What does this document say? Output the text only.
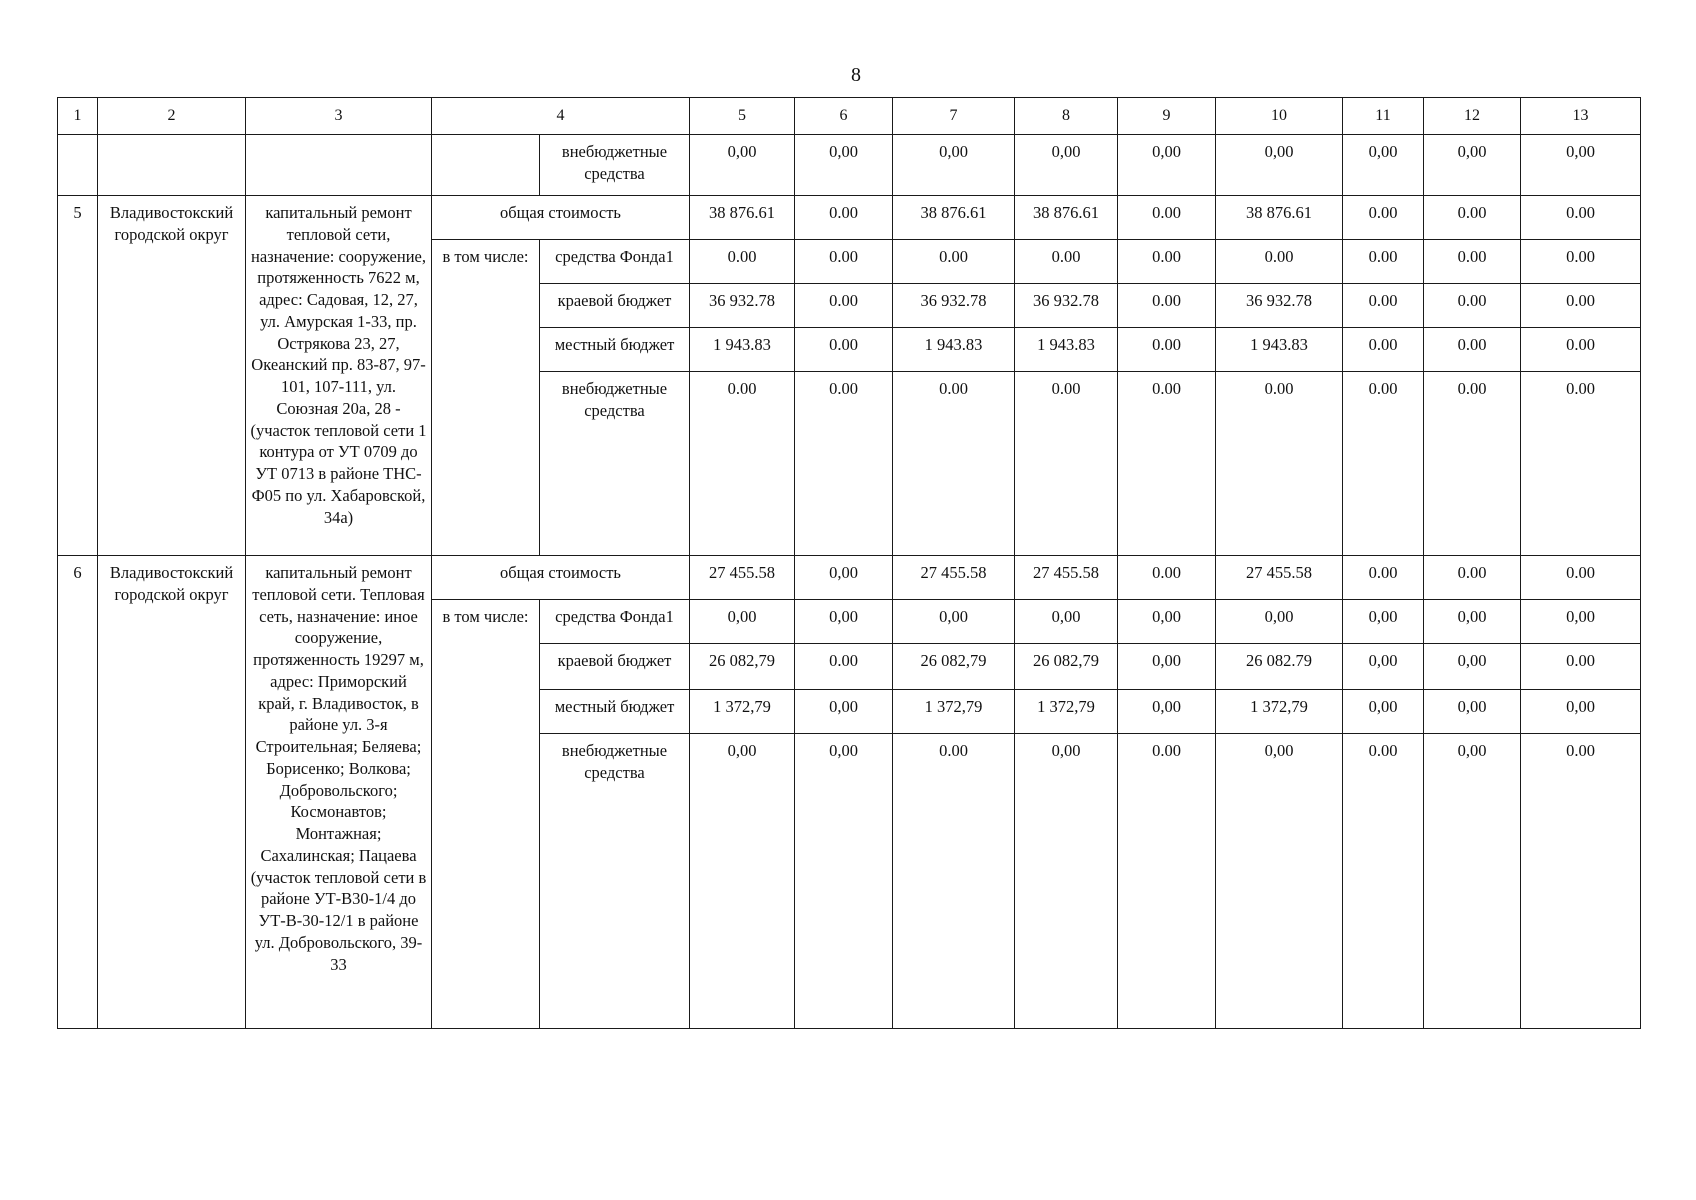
8
1	2	3	4		5	6	7	8	9	10	11	12	13
				внебюджетные средства	0,00	0,00	0,00	0,00	0,00	0,00	0,00	0,00	0,00
5	Владивостокский городской округ	капитальный ремонт тепловой сети, назначение: сооружение, протяженность 7622 м, адрес: Садовая, 12, 27, ул. Амурская 1-33, пр. Острякова 23, 27, Океанский пр. 83-87, 97-101, 107-111, ул. Союзная 20а, 28 - (участок тепловой сети 1 контура от УТ 0709 до УТ 0713 в районе ТНС-Ф05 по ул. Хабаровской, 34а)	общая стоимость		38 876.61	0.00	38 876.61	38 876.61	0.00	38 876.61	0.00	0.00	0.00
			в том числе:	средства Фонда1	0.00	0.00	0.00	0.00	0.00	0.00	0.00	0.00	0.00
				краевой бюджет	36 932.78	0.00	36 932.78	36 932.78	0.00	36 932.78	0.00	0.00	0.00
				местный бюджет	1 943.83	0.00	1 943.83	1 943.83	0.00	1 943.83	0.00	0.00	0.00
				внебюджетные средства	0.00	0.00	0.00	0.00	0.00	0.00	0.00	0.00	0.00
6	Владивостокский городской округ	капитальный ремонт тепловой сети. Тепловая сеть, назначение: иное сооружение, протяженность 19297 м, адрес: Приморский край, г. Владивосток, в районе ул. 3-я Строительная; Беляева; Борисенко; Волкова; Добровольского; Космонавтов; Монтажная; Сахалинская; Пацаева (участок тепловой сети в районе УТ-В30-1/4 до УТ-В-30-12/1 в районе ул. Добровольского, 39-33	общая стоимость		27 455.58	0,00	27 455.58	27 455.58	0.00	27 455.58	0.00	0.00	0.00
			в том числе:	средства Фонда1	0,00	0,00	0,00	0,00	0,00	0,00	0,00	0,00	0,00
				краевой бюджет	26 082,79	0.00	26 082,79	26 082,79	0,00	26 082.79	0,00	0,00	0.00
				местный бюджет	1 372,79	0,00	1 372,79	1 372,79	0,00	1 372,79	0,00	0,00	0,00
				внебюджетные средства	0,00	0,00	0.00	0,00	0.00	0,00	0.00	0,00	0.00
